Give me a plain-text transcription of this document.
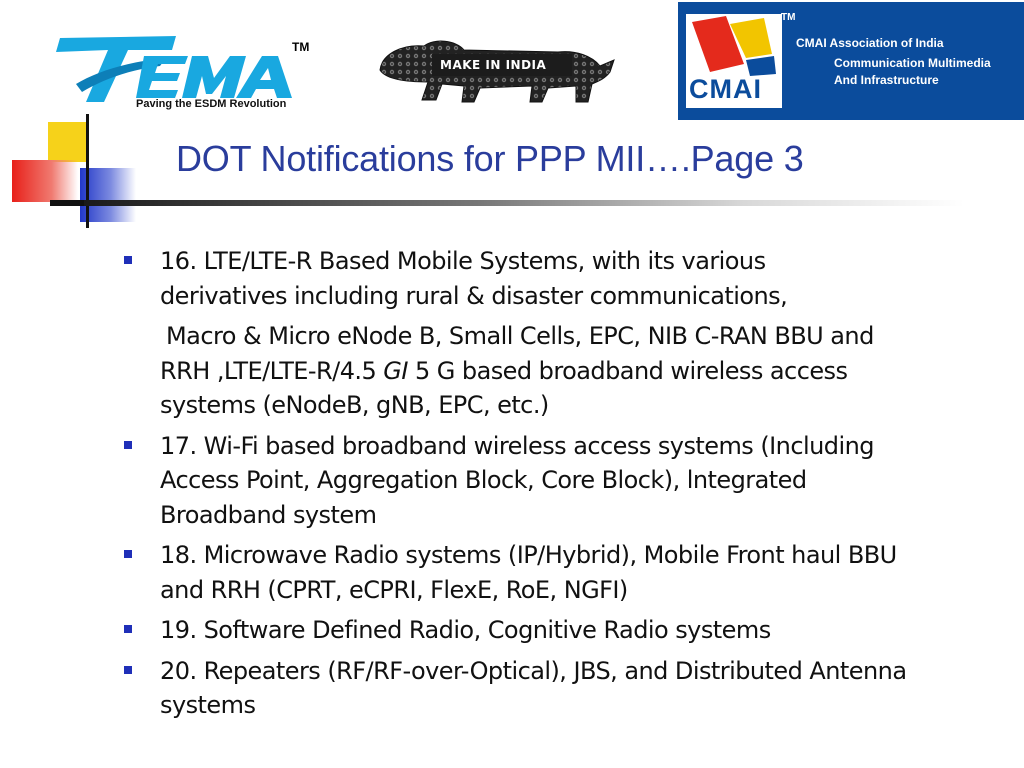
TM
Paving the ESDM Revolution
MAKE IN INDIA
CMAI
CMAI Association of India
Communication Multimedia
And Infrastructure
TM
DOT Notifications for PPP MII….Page 3
16. LTE/LTE-R Based Mobile Systems, with its various
derivatives including rural & disaster communications,
Macro & Micro eNode B, Small Cells, EPC, NIB C-RAN BBU and
RRH ,LTE/LTE-R/4.5 GI 5 G based broadband wireless access
systems (eNodeB, gNB, EPC, etc.)
17. Wi-Fi based broadband wireless access systems (Including
Access Point, Aggregation Block, Core Block), lntegrated
Broadband system
18. Microwave Radio systems (IP/Hybrid), Mobile Front haul BBU
and RRH (CPRT, eCPRI, FlexE, RoE, NGFI)
19. Software Defined Radio, Cognitive Radio systems
20. Repeaters (RF/RF-over-Optical), JBS, and Distributed Antenna
systems
